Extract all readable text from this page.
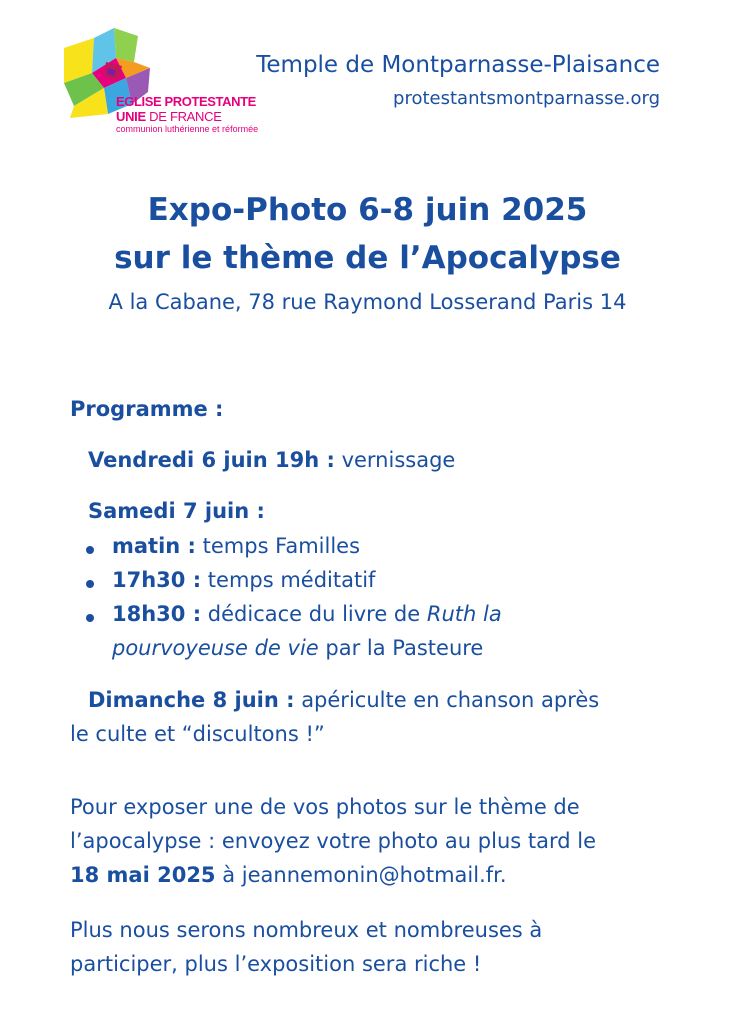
EGLISE PROTESTANTE
UNIE DE FRANCE
communion luthérienne et réformée
Temple de Montparnasse-Plaisance
protestantsmontparnasse.org
Expo-Photo 6-8 juin 2025
sur le thème de l’Apocalypse
A la Cabane, 78 rue Raymond Losserand Paris 14
Programme :
Vendredi 6 juin 19h : vernissage
Samedi 7 juin :
matin : temps Familles
17h30 : temps méditatif
18h30 : dédicace du livre de Ruth la
pourvoyeuse de vie par la Pasteure
Dimanche 8 juin : apériculte en chanson après
le culte et “discultons !”
Pour exposer une de vos photos sur le thème de
l’apocalypse : envoyez votre photo au plus tard le
18 mai 2025 à jeannemonin@hotmail.fr.
Plus nous serons nombreux et nombreuses à
participer, plus l’exposition sera riche !
